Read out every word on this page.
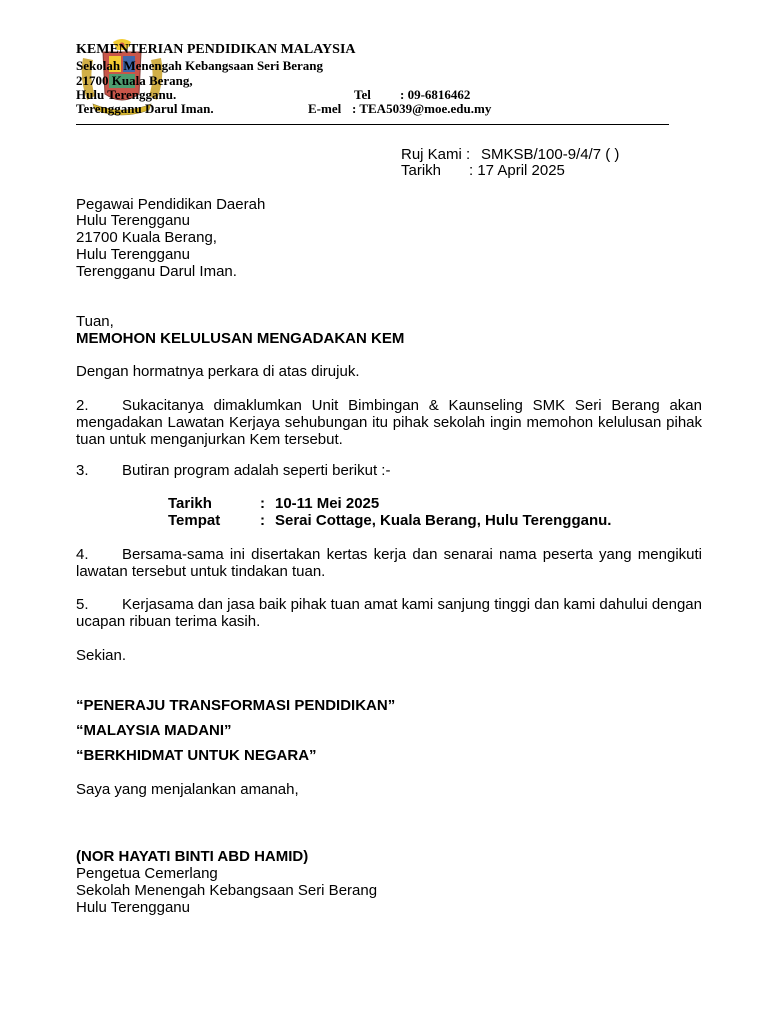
KEMENTERIAN PENDIDIKAN MALAYSIA
Sekolah Menengah Kebangsaan Seri Berang
21700 Kuala Berang,
Hulu Terengganu.	Tel : 09-6816462
Terengganu Darul Iman.	E-mel : TEA5039@moe.edu.my
Ruj Kami : SMKSB/100-9/4/7 ( )
Tarikh : 17 April 2025
Pegawai Pendidikan Daerah
Hulu Terengganu
21700 Kuala Berang,
Hulu Terengganu
Terengganu Darul Iman.
Tuan,
MEMOHON KELULUSAN MENGADAKAN KEM
Dengan hormatnya perkara di atas dirujuk.
2. Sukacitanya dimaklumkan Unit Bimbingan & Kaunseling SMK Seri Berang akan mengadakan Lawatan Kerjaya sehubungan itu pihak sekolah ingin memohon kelulusan pihak tuan untuk menganjurkan Kem tersebut.
3. Butiran program adalah seperti berikut :-
Tarikh	: 10-11 Mei 2025
Tempat	: Serai Cottage, Kuala Berang, Hulu Terengganu.
4. Bersama-sama ini disertakan kertas kerja dan senarai nama peserta yang mengikuti lawatan tersebut untuk tindakan tuan.
5. Kerjasama dan jasa baik pihak tuan amat kami sanjung tinggi dan kami dahului dengan ucapan ribuan terima kasih.
Sekian.
“PENERAJU TRANSFORMASI PENDIDIKAN”
“MALAYSIA MADANI”
“BERKHIDMAT UNTUK NEGARA”
Saya yang menjalankan amanah,
(NOR HAYATI BINTI ABD HAMID)
Pengetua Cemerlang
Sekolah Menengah Kebangsaan Seri Berang
Hulu Terengganu
